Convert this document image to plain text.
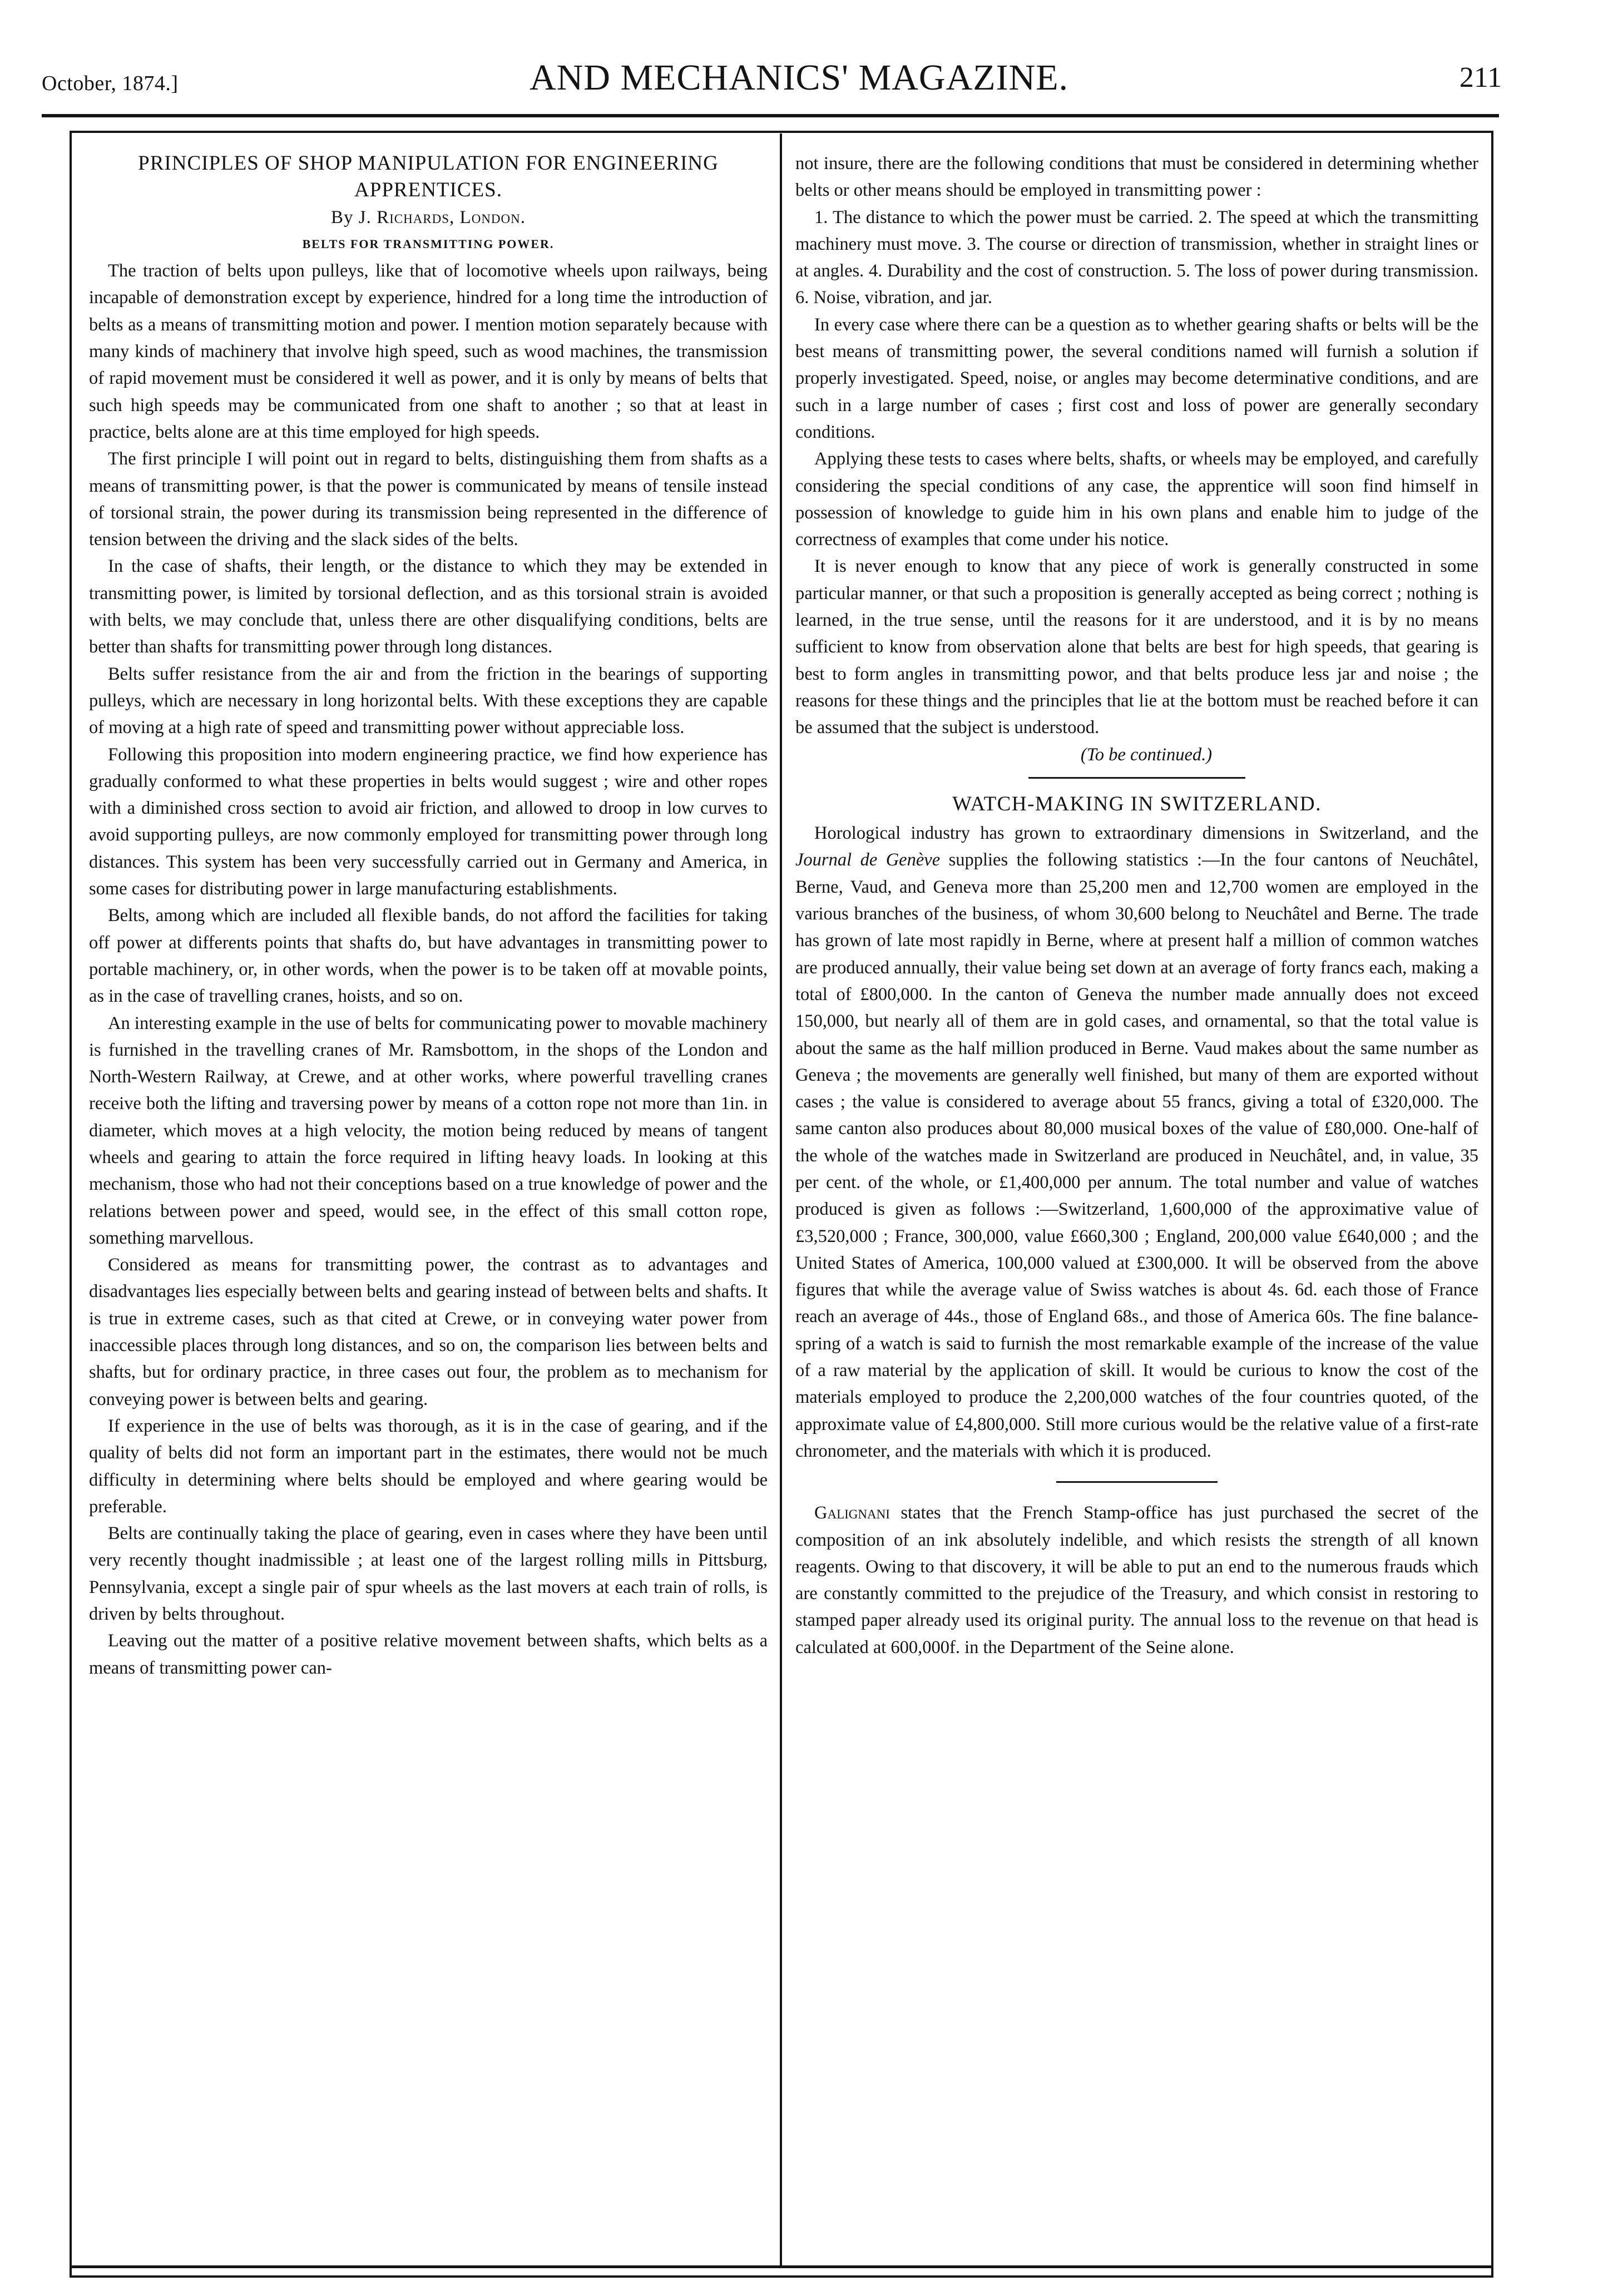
October, 1874.]	AND MECHANICS' MAGAZINE.	211
PRINCIPLES OF SHOP MANIPULATION FOR ENGINEERING APPRENTICES.
By J. Richards, London.
BELTS FOR TRANSMITTING POWER.

The traction of belts upon pulleys, like that of locomotive wheels upon railways, being incapable of demonstration except by experience, hindred for a long time the introduction of belts as a means of transmitting motion and power. I mention motion separately because with many kinds of machinery that involve high speed, such as wood machines, the transmission of rapid movement must be considered it well as power, and it is only by means of belts that such high speeds may be communicated from one shaft to another ; so that at least in practice, belts alone are at this time employed for high speeds.

The first principle I will point out in regard to belts, distinguishing them from shafts as a means of transmitting power, is that the power is communicated by means of tensile instead of torsional strain, the power during its transmission being represented in the difference of tension between the driving and the slack sides of the belts.

In the case of shafts, their length, or the distance to which they may be extended in transmitting power, is limited by torsional deflection, and as this torsional strain is avoided with belts, we may conclude that, unless there are other disqualifying conditions, belts are better than shafts for transmitting power through long distances.

Belts suffer resistance from the air and from the friction in the bearings of supporting pulleys, which are necessary in long horizontal belts. With these exceptions they are capable of moving at a high rate of speed and transmitting power without appreciable loss.

Following this proposition into modern engineering practice, we find how experience has gradually conformed to what these properties in belts would suggest ; wire and other ropes with a diminished cross section to avoid air friction, and allowed to droop in low curves to avoid supporting pulleys, are now commonly employed for transmitting power through long distances. This system has been very successfully carried out in Germany and America, in some cases for distributing power in large manufacturing establishments.

Belts, among which are included all flexible bands, do not afford the facilities for taking off power at differents points that shafts do, but have advantages in transmitting power to portable machinery, or, in other words, when the power is to be taken off at movable points, as in the case of travelling cranes, hoists, and so on.

An interesting example in the use of belts for communicating power to movable machinery is furnished in the travelling cranes of Mr. Ramsbottom, in the shops of the London and North-Western Railway, at Crewe, and at other works, where powerful travelling cranes receive both the lifting and traversing power by means of a cotton rope not more than 1in. in diameter, which moves at a high velocity, the motion being reduced by means of tangent wheels and gearing to attain the force required in lifting heavy loads. In looking at this mechanism, those who had not their conceptions based on a true knowledge of power and the relations between power and speed, would see, in the effect of this small cotton rope, something marvellous.

Considered as means for transmitting power, the contrast as to advantages and disadvantages lies especially between belts and gearing instead of between belts and shafts. It is true in extreme cases, such as that cited at Crewe, or in conveying water power from inaccessible places through long distances, and so on, the comparison lies between belts and shafts, but for ordinary practice, in three cases out four, the problem as to mechanism for conveying power is between belts and gearing.

If experience in the use of belts was thorough, as it is in the case of gearing, and if the quality of belts did not form an important part in the estimates, there would not be much difficulty in determining where belts should be employed and where gearing would be preferable.

Belts are continually taking the place of gearing, even in cases where they have been until very recently thought inadmissible ; at least one of the largest rolling mills in Pittsburg, Pennsylvania, except a single pair of spur wheels as the last movers at each train of rolls, is driven by belts throughout.

Leaving out the matter of a positive relative movement between shafts, which belts as a means of transmitting power can-

not insure, there are the following conditions that must be considered in determining whether belts or other means should be employed in transmitting power :

1. The distance to which the power must be carried. 2. The speed at which the transmitting machinery must move. 3. The course or direction of transmission, whether in straight lines or at angles. 4. Durability and the cost of construction. 5. The loss of power during transmission. 6. Noise, vibration, and jar.

In every case where there can be a question as to whether gearing shafts or belts will be the best means of transmitting power, the several conditions named will furnish a solution if properly investigated. Speed, noise, or angles may become determinative conditions, and are such in a large number of cases ; first cost and loss of power are generally secondary conditions.

Applying these tests to cases where belts, shafts, or wheels may be employed, and carefully considering the special conditions of any case, the apprentice will soon find himself in possession of knowledge to guide him in his own plans and enable him to judge of the correctness of examples that come under his notice.

It is never enough to know that any piece of work is generally constructed in some particular manner, or that such a proposition is generally accepted as being correct ; nothing is learned, in the true sense, until the reasons for it are understood, and it is by no means sufficient to know from observation alone that belts are best for high speeds, that gearing is best to form angles in transmitting powor, and that belts produce less jar and noise ; the reasons for these things and the principles that lie at the bottom must be reached before it can be assumed that the subject is understood.

(To be continued.)

WATCH-MAKING IN SWITZERLAND.

Horological industry has grown to extraordinary dimensions in Switzerland, and the Journal de Genève supplies the following statistics :—In the four cantons of Neuchâtel, Berne, Vaud, and Geneva more than 25,200 men and 12,700 women are employed in the various branches of the business, of whom 30,600 belong to Neuchâtel and Berne. The trade has grown of late most rapidly in Berne, where at present half a million of common watches are produced annually, their value being set down at an average of forty francs each, making a total of £800,000. In the canton of Geneva the number made annually does not exceed 150,000, but nearly all of them are in gold cases, and ornamental, so that the total value is about the same as the half million produced in Berne. Vaud makes about the same number as Geneva ; the movements are generally well finished, but many of them are exported without cases ; the value is considered to average about 55 francs, giving a total of £320,000. The same canton also produces about 80,000 musical boxes of the value of £80,000. One-half of the whole of the watches made in Switzerland are produced in Neuchâtel, and, in value, 35 per cent. of the whole, or £1,400,000 per annum. The total number and value of watches produced is given as follows :—Switzerland, 1,600,000 of the approximative value of £3,520,000 ; France, 300,000, value £660,300 ; England, 200,000 value £640,000 ; and the United States of America, 100,000 valued at £300,000. It will be observed from the above figures that while the average value of Swiss watches is about 4s. 6d. each those of France reach an average of 44s., those of England 68s., and those of America 60s. The fine balance-spring of a watch is said to furnish the most remarkable example of the increase of the value of a raw material by the application of skill. It would be curious to know the cost of the materials employed to produce the 2,200,000 watches of the four countries quoted, of the approximate value of £4,800,000. Still more curious would be the relative value of a first-rate chronometer, and the materials with which it is produced.

Galignani states that the French Stamp-office has just purchased the secret of the composition of an ink absolutely indelible, and which resists the strength of all known reagents. Owing to that discovery, it will be able to put an end to the numerous frauds which are constantly committed to the prejudice of the Treasury, and which consist in restoring to stamped paper already used its original purity. The annual loss to the revenue on that head is calculated at 600,000f. in the Department of the Seine alone.
